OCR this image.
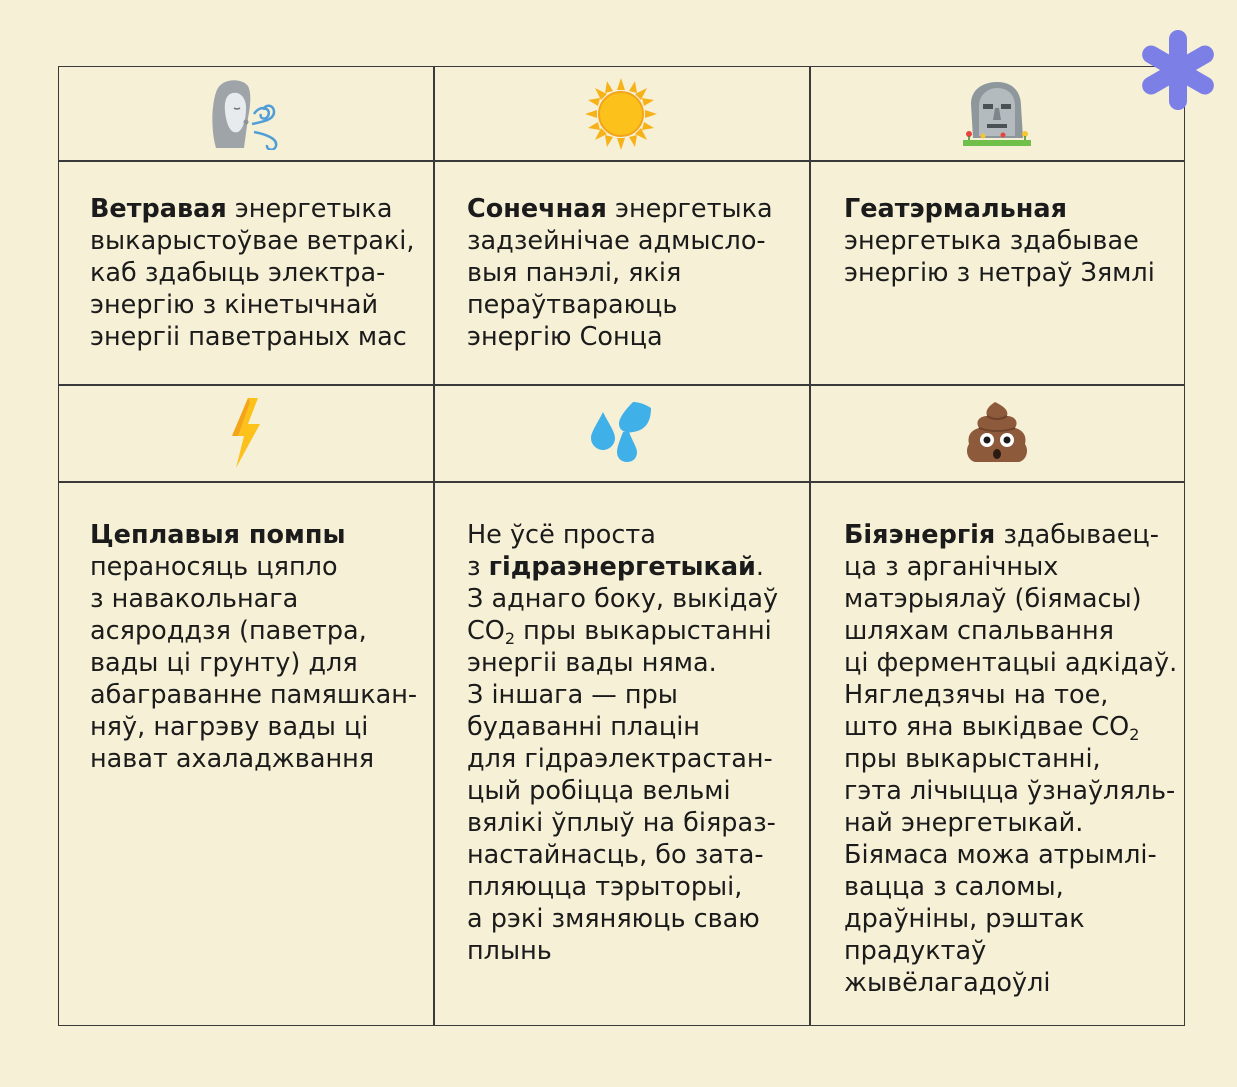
Ветравая энергетыка
выкарыстоўвае ветракі,
каб здабыць электра-
энергію з кінетычнай
энергіі паветраных мас
Сонечная энергетыка
задзейнічае адмысло-
выя панэлі, якія
пераўтвараюць
энергію Сонца
Геатэрмальная
энергетыка здабывае
энергію з нетраў Зямлі
Цеплавыя помпы
пераносяць цяпло
з навакольнага
асяроддзя (паветра,
вады ці грунту) для
абаграванне памяшкан-
няў, нагрэву вады ці
нават ахаладжвання
Не ўсё проста
з гідраэнергетыкай.
З аднаго боку, выкідаў
$CO_2$ пры выкарыстанні
энергіі вады няма.
З іншага — пры
будаванні плацін
для гідраэлектрастан-
цый робіцца вельмі
вялікі ўплыў на біяраз-
настайнасць, бо зата-
пляюцца тэрыторыі,
а рэкі змяняюць сваю
плынь
Біяэнергія здабываец-
ца з арганічных
матэрыялаў (біямасы)
шляхам спальвання
ці ферментацыі адкідаў.
Нягледзячы на тое,
што яна выкідвае $CO_2$
пры выкарыстанні,
гэта лічыцца ўзнаўляль-
най энергетыкай.
Біямаса можа атрымлі-
вацца з саломы,
драўніны, рэштак
прадуктаў
жывёлагадоўлі
